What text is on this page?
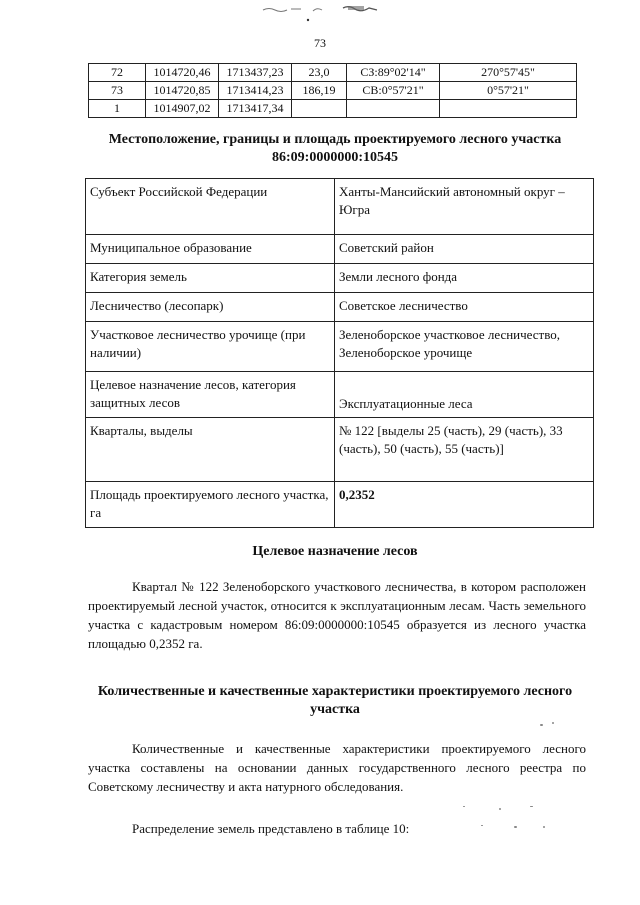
73
72	1014720,46	1713437,23	23,0	СЗ:89°02'14"	270°57'45"
73	1014720,85	1713414,23	186,19	СВ:0°57'21"	0°57'21"
1	1014907,02	1713417,34			
Местоположение, границы и площадь проектируемого лесного участка 86:09:0000000:10545
Субъект Российской Федерации	Ханты-Мансийский автономный округ – Югра
Муниципальное образование	Советский район
Категория земель	Земли лесного фонда
Лесничество (лесопарк)	Советское лесничество
Участковое лесничество урочище (при наличии)	Зеленоборское участковое лесничество, Зеленоборское урочище
Целевое назначение лесов, категория защитных лесов	Эксплуатационные леса
Кварталы, выделы	№ 122 [выделы 25 (часть), 29 (часть), 33 (часть), 50 (часть), 55 (часть)]
Площадь проектируемого лесного участка, га	0,2352
Целевое назначение лесов
Квартал № 122 Зеленоборского участкового лесничества, в котором расположен проектируемый лесной участок, относится к эксплуатационным лесам. Часть земельного участка с кадастровым номером 86:09:0000000:10545 образуется из лесного участка площадью 0,2352 га.
Количественные и качественные характеристики проектируемого лесного участка
Количественные и качественные характеристики проектируемого лесного участка составлены на основании данных государственного лесного реестра по Советскому лесничеству и акта натурного обследования.
Распределение земель представлено в таблице 10:
